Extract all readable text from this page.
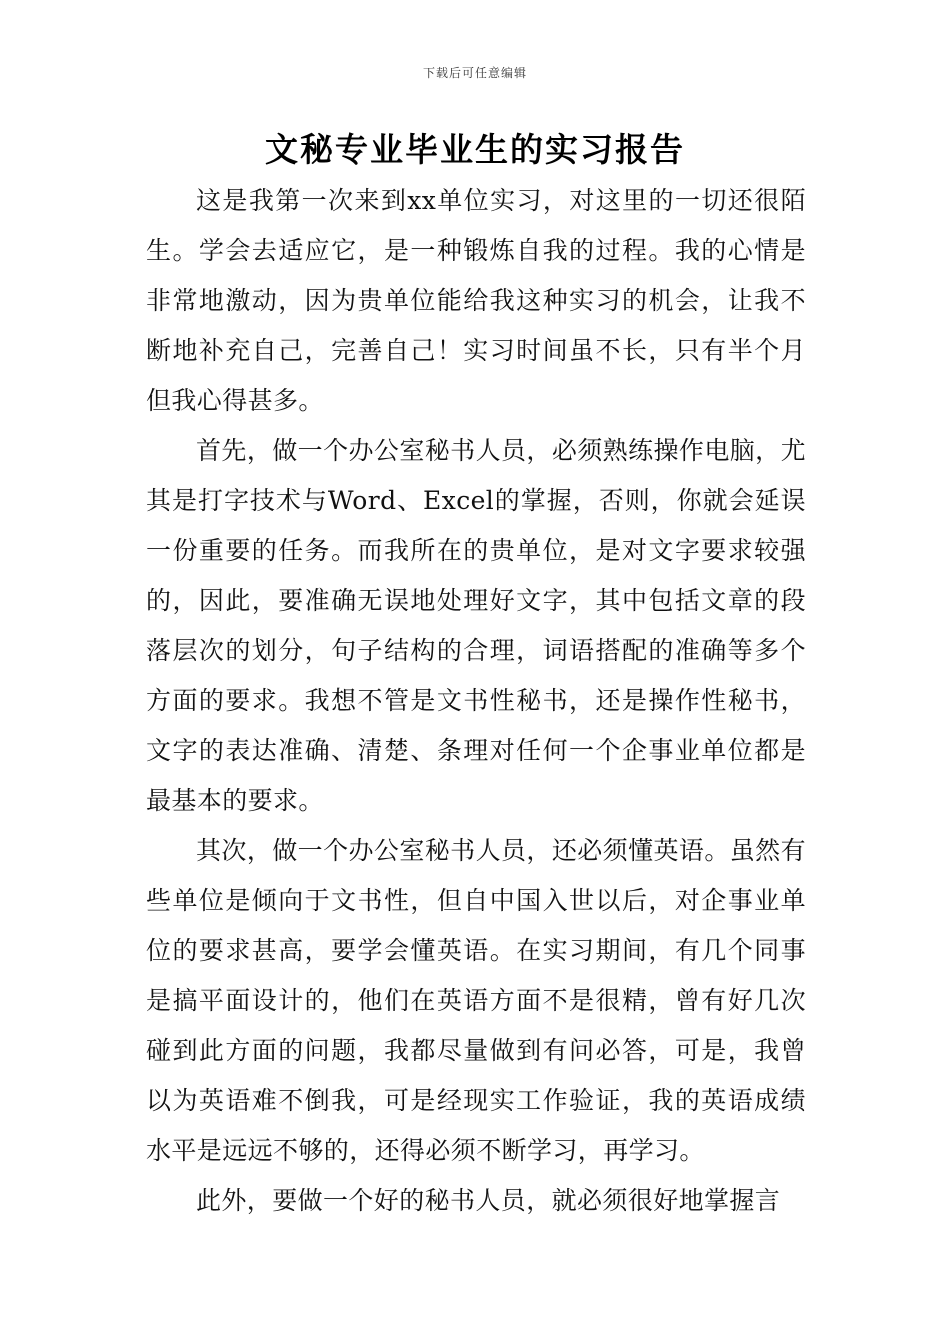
下载后可任意编辑
文秘专业毕业生的实习报告

这是我第一次来到xx单位实习，对这里的一切还很陌生。学会去适应它，是一种锻炼自我的过程。我的心情是非常地激动，因为贵单位能给我这种实习的机会，让我不断地补充自己，完善自己！实习时间虽不长，只有半个月但我心得甚多。

首先，做一个办公室秘书人员，必须熟练操作电脑，尤其是打字技术与Word、Excel的掌握，否则，你就会延误一份重要的任务。而我所在的贵单位，是对文字要求较强的，因此，要准确无误地处理好文字，其中包括文章的段落层次的划分，句子结构的合理，词语搭配的准确等多个方面的要求。我想不管是文书性秘书，还是操作性秘书，文字的表达准确、清楚、条理对任何一个企事业单位都是最基本的要求。

其次，做一个办公室秘书人员，还必须懂英语。虽然有些单位是倾向于文书性，但自中国入世以后，对企事业单位的要求甚高，要学会懂英语。在实习期间，有几个同事是搞平面设计的，他们在英语方面不是很精，曾有好几次碰到此方面的问题，我都尽量做到有问必答，可是，我曾以为英语难不倒我，可是经现实工作验证，我的英语成绩水平是远远不够的，还得必须不断学习，再学习。

此外，要做一个好的秘书人员，就必须很好地掌握言
